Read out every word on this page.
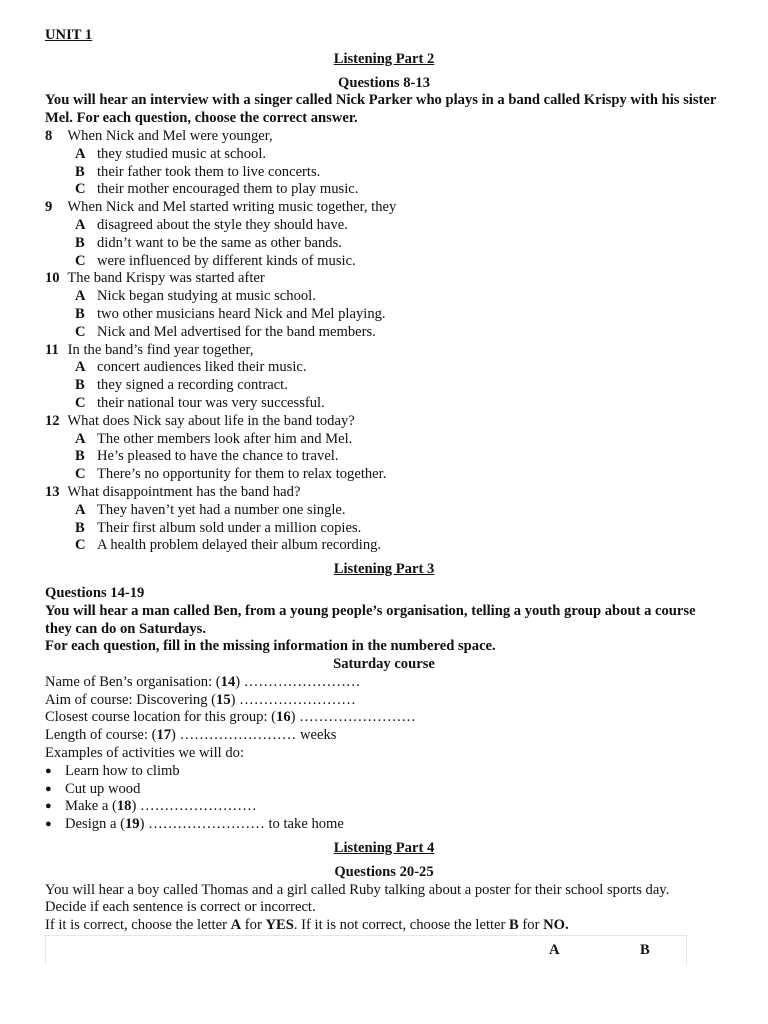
UNIT 1
Listening Part 2
Questions 8-13
You will hear an interview with a singer called Nick Parker who plays in a band called Krispy with his sister Mel. For each question, choose the correct answer.
8 When Nick and Mel were younger,
A they studied music at school.
B their father took them to live concerts.
C their mother encouraged them to play music.
9 When Nick and Mel started writing music together, they
A disagreed about the style they should have.
B didn’t want to be the same as other bands.
C were influenced by different kinds of music.
10 The band Krispy was started after
A Nick began studying at music school.
B two other musicians heard Nick and Mel playing.
C Nick and Mel advertised for the band members.
11 In the band’s find year together,
A concert audiences liked their music.
B they signed a recording contract.
C their national tour was very successful.
12 What does Nick say about life in the band today?
A The other members look after him and Mel.
B He’s pleased to have the chance to travel.
C There’s no opportunity for them to relax together.
13 What disappointment has the band had?
A They haven’t yet had a number one single.
B Their first album sold under a million copies.
C A health problem delayed their album recording.
Listening Part 3
Questions 14-19
You will hear a man called Ben, from a young people’s organisation, telling a youth group about a course they can do on Saturdays.
For each question, fill in the missing information in the numbered space.
Saturday course
Name of Ben’s organisation: (14) ……………………
Aim of course: Discovering (15) ……………………
Closest course location for this group: (16) ……………………
Length of course: (17) …………………… weeks
Examples of activities we will do:
● Learn how to climb
● Cut up wood
● Make a (18) ……………………
● Design a (19) …………………… to take home
Listening Part 4
Questions 20-25
You will hear a boy called Thomas and a girl called Ruby talking about a poster for their school sports day.
Decide if each sentence is correct or incorrect.
If it is correct, choose the letter A for YES. If it is not correct, choose the letter B for NO.
A	B
